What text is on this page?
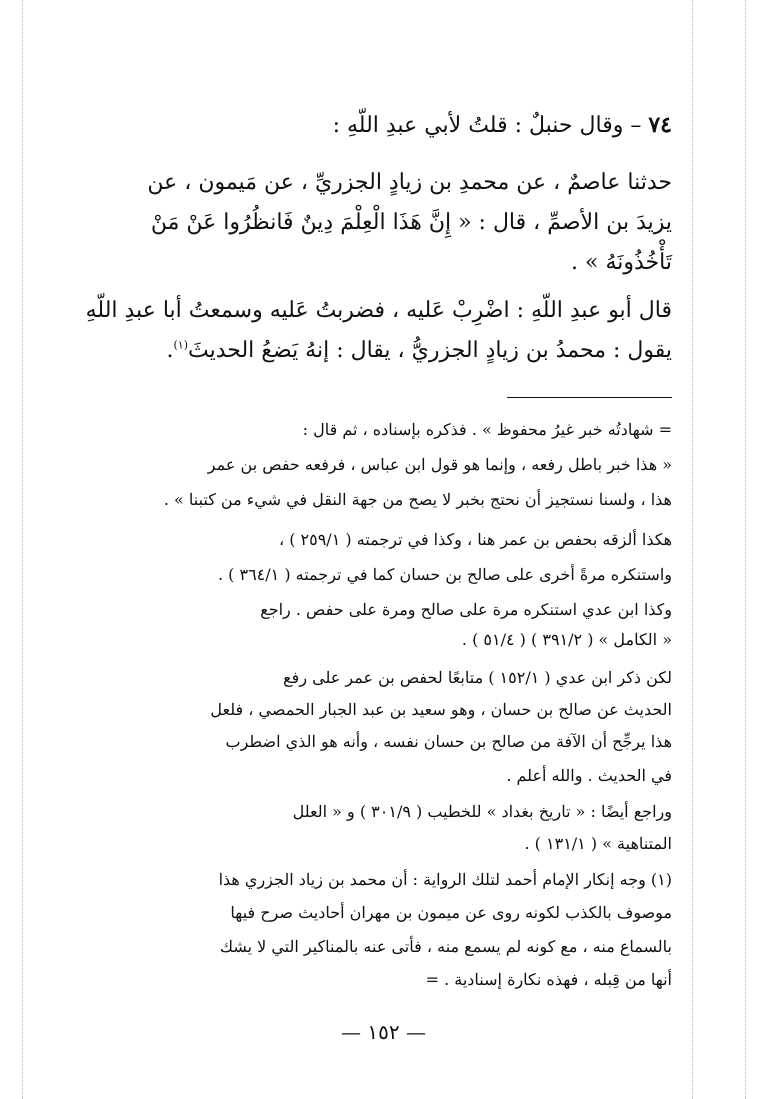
٧٤ – وقال حنبلٌ : قلتُ لأبي عبدِ اللّهِ :
حدثنا عاصمٌ ، عن محمدِ بن زيادٍ الجزريِّ ، عن مَيمون ، عن
يزيدَ بن الأصمِّ ، قال : « إِنَّ هَذَا الْعِلْمَ دِينٌ فَانظُرُوا عَنْ مَنْ
تَأْخُذُونَهُ » .
قال أبو عبدِ اللّهِ : اضْرِبْ عَليه ، فضربتُ عَليه وسمعتُ أبا عبدِ اللّهِ
يقول : محمدُ بن زيادٍ الجزريُّ ، يقال : إنهُ يَضعُ الحديثَ$^{(١)}$.
= شهادتُه خبر غيرُ محفوظ » . فذكره بإسناده ، ثم قال :
« هذا خبر باطل رفعه ، وإنما هو قول ابن عباس ، فرفعه حفص بن عمر
هذا ، ولسنا نستجيز أن نحتج بخبر لا يصح من جهة النقل في شيء من كتبنا » .
هكذا ألزقه بحفص بن عمر هنا ، وكذا في ترجمته ( ٢٥٩/١ ) ،
واستنكره مرةً أخرى على صالح بن حسان كما في ترجمته ( ٣٦٤/١ ) .
وكذا ابن عدي استنكره مرة على صالح ومرة على حفص . راجع
« الكامل » ( ٣٩١/٢ ) ( ٥١/٤ ) .
لكن ذكر ابن عدي ( ١٥٢/١ ) متابعًا لحفص بن عمر على رفع
الحديث عن صالح بن حسان ، وهو سعيد بن عبد الجبار الحمصي ، فلعل
هذا يرجِّح أن الآفة من صالح بن حسان نفسه ، وأنه هو الذي اضطرب
في الحديث . والله أعلم .
وراجع أيضًا : « تاريخ بغداد » للخطيب ( ٣٠١/٩ ) و « العلل
المتناهية » ( ١٣١/١ ) .
(١) وجه إنكار الإمام أحمد لتلك الرواية : أن محمد بن زياد الجزري هذا
موصوف بالكذب لكونه روى عن ميمون بن مهران أحاديث صرح فيها
بالسماع منه ، مع كونه لم يسمع منه ، فأتى عنه بالمناكير التي لا يشك
أنها من قِبله ، فهذه نكارة إسنادية . =
— ١٥٢ —
